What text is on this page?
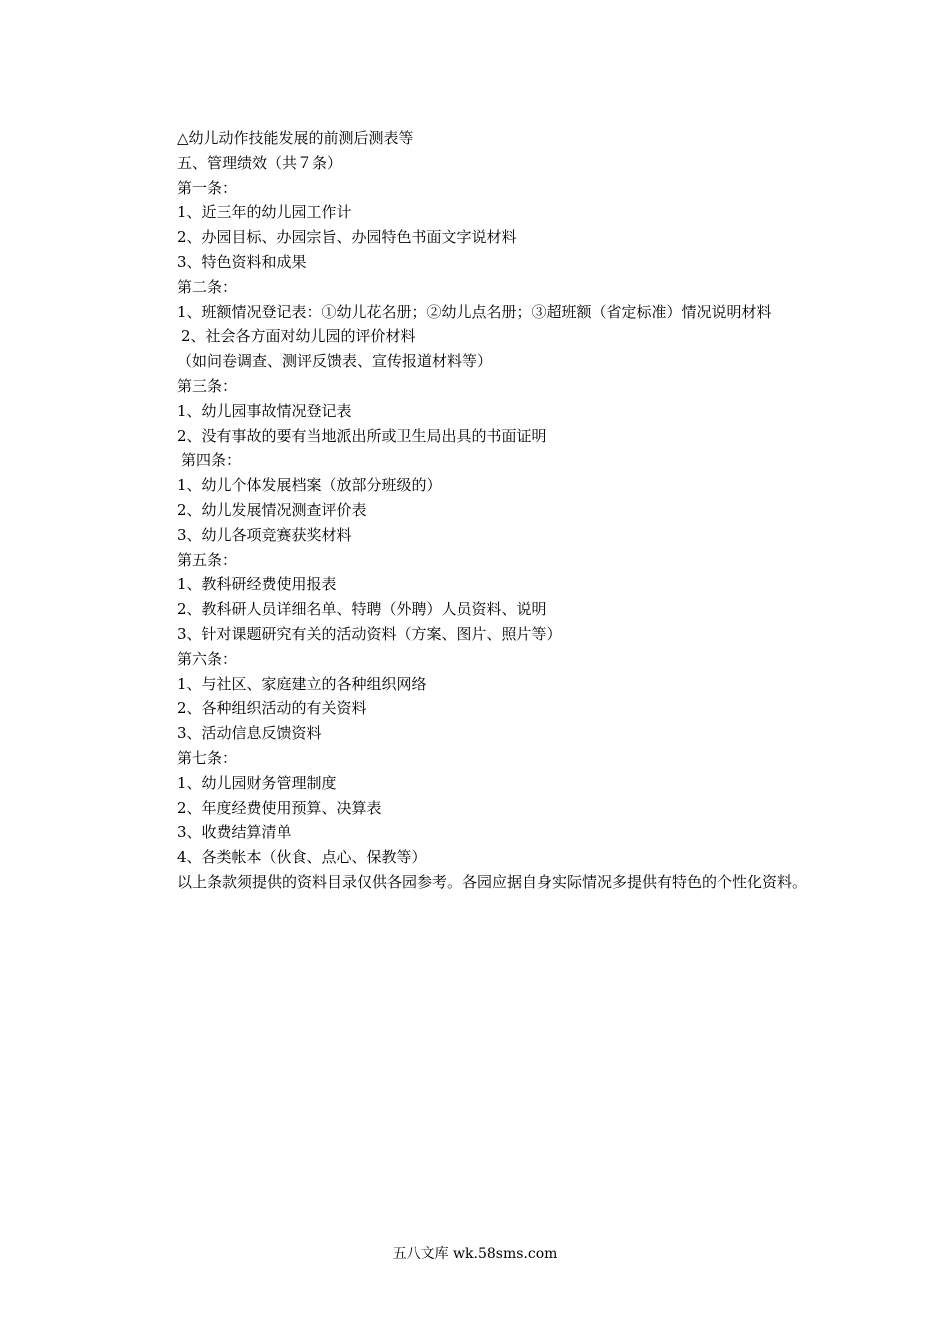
△幼儿动作技能发展的前测后测表等

五、管理绩效（共７条）

第一条：

1、近三年的幼儿园工作计

2、办园目标、办园宗旨、办园特色书面文字说材料

3、特色资料和成果

第二条：

1、班额情况登记表：①幼儿花名册；②幼儿点名册；③超班额（省定标准）情况说明材料

2、社会各方面对幼儿园的评价材料

（如问卷调查、测评反馈表、宣传报道材料等）

第三条：

1、幼儿园事故情况登记表

2、没有事故的要有当地派出所或卫生局出具的书面证明

第四条：

1、幼儿个体发展档案（放部分班级的）

2、幼儿发展情况测查评价表

3、幼儿各项竞赛获奖材料

第五条：

1、教科研经费使用报表

2、教科研人员详细名单、特聘（外聘）人员资料、说明

3、针对课题研究有关的活动资料（方案、图片、照片等）

第六条：

1、与社区、家庭建立的各种组织网络

2、各种组织活动的有关资料

3、活动信息反馈资料

第七条：

1、幼儿园财务管理制度

2、年度经费使用预算、决算表

3、收费结算清单

4、各类帐本（伙食、点心、保教等）

以上条款须提供的资料目录仅供各园参考。各园应据自身实际情况多提供有特色的个性化资料。

五八文库 wk.58sms.com
